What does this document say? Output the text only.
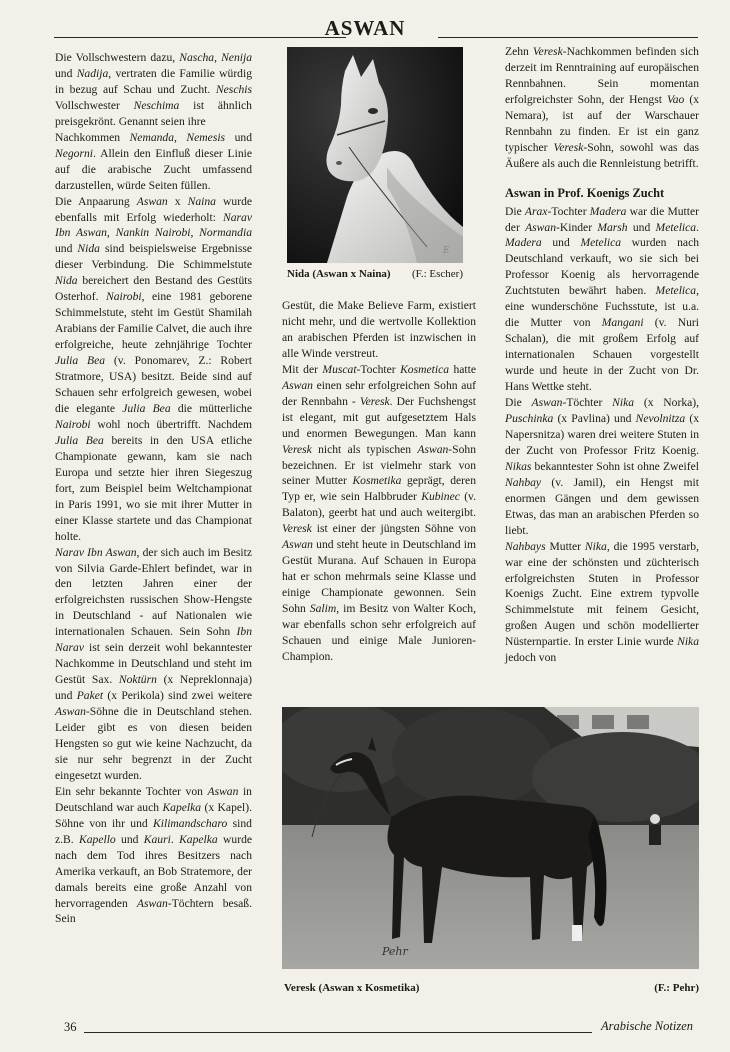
ASWAN

Die Vollschwestern dazu, Nascha, Nenija und Nadija, vertraten die Familie würdig in bezug auf Schau und Zucht. Neschis Vollschwester Neschima ist ähnlich preisgekrönt. Genannt seien ihre
Nachkommen Nemanda, Nemesis und Negorni. Allein den Einfluß dieser Linie auf die arabische Zucht umfassend darzustellen, würde Seiten füllen.

Die Anpaarung Aswan x Naina wurde ebenfalls mit Erfolg wiederholt: Narav Ibn Aswan, Nankin Nairobi, Normandia und Nida sind beispielsweise Ergebnisse dieser Verbindung. Die Schimmelstute Nida bereichert den Bestand des Gestüts Osterhof. Nairobi, eine 1981 geborene Schimmelstute, steht im Gestüt Shamilah Arabians der Familie Calvet, die auch ihre erfolgreiche, heute zehnjährige Tochter Julia Bea (v. Ponomarev, Z.: Robert Stratmore, USA) besitzt. Beide sind auf Schauen sehr erfolgreich gewesen, wobei die elegante Julia Bea die mütterliche Nairobi wohl noch übertrifft. Nachdem Julia Bea bereits in den USA etliche Championate gewann, kam sie nach Europa und setzte hier ihren Siegeszug fort, zum Beispiel beim Weltchampionat in Paris 1991, wo sie mit ihrer Mutter in einer Klasse startete und das Championat holte.

Narav Ibn Aswan, der sich auch im Besitz von Silvia Garde-Ehlert befindet, war in den letzten Jahren einer der erfolgreichsten russischen Show-Hengste in Deutschland - auf Nationalen wie internationalen Schauen. Sein Sohn Ibn Narav ist sein derzeit wohl bekanntester Nachkomme in Deutschland und steht im Gestüt Sax. Noktürn (x Nepreklonnaja) und Paket (x Perikola) sind zwei weitere Aswan-Söhne die in Deutschland stehen. Leider gibt es von diesen beiden Hengsten so gut wie keine Nachzucht, da sie nur sehr begrenzt in der Zucht eingesetzt wurden.

Ein sehr bekannte Tochter von Aswan in Deutschland war auch Kapelka (x Kapel). Söhne von ihr und Kilimandscharo sind z.B. Kapello und Kauri. Kapelka wurde nach dem Tod ihres Besitzers nach Amerika verkauft, an Bob Stratemore, der damals bereits eine große Anzahl von hervorragenden Aswan-Töchtern besaß. Sein

E
Nida (Aswan x Naina) (F.: Escher)

Gestüt, die Make Believe Farm, existiert nicht mehr, und die wertvolle Kollektion an arabischen Pferden ist inzwischen in alle Winde verstreut.

Mit der Muscat-Tochter Kosmetica hatte Aswan einen sehr erfolgreichen Sohn auf der Rennbahn - Veresk. Der Fuchshengst ist elegant, mit gut aufgesetztem Hals und enormen Bewegungen. Man kann Veresk nicht als typischen Aswan-Sohn bezeichnen. Er ist vielmehr stark von seiner Mutter Kosmetika geprägt, deren Typ er, wie sein Halbbruder Kubinec (v. Balaton), geerbt hat und auch weitergibt. Veresk ist einer der jüngsten Söhne von Aswan und steht heute in Deutschland im Gestüt Murana. Auf Schauen in Europa hat er schon mehrmals seine Klasse und einige Championate gewonnen. Sein Sohn Salim, im Besitz von Walter Koch, war ebenfalls schon sehr erfolgreich auf Schauen und einige Male Junioren-Champion.

Zehn Veresk-Nachkommen befinden sich derzeit im Renntraining auf europäischen Rennbahnen. Sein momentan erfolgreichster Sohn, der Hengst Vao (x Nemara), ist auf der Warschauer Rennbahn zu finden. Er ist ein ganz typischer Veresk-Sohn, sowohl was das Äußere als auch die Rennleistung betrifft.

Aswan in Prof. Koenigs Zucht

Die Arax-Tochter Madera war die Mutter der Aswan-Kinder Marsh und Metelica. Madera und Metelica wurden nach Deutschland verkauft, wo sie sich bei Professor Koenig als hervorragende Zuchtstuten bewährt haben. Metelica, eine wunderschöne Fuchsstute, ist u.a. die Mutter von Mangani (v. Nuri Schalan), die mit großem Erfolg auf internationalen Schauen vorgestellt wurde und heute in der Zucht von Dr. Hans Wettke steht.

Die Aswan-Töchter Nika (x Norka), Puschinka (x Pavlina) und Nevolnitza (x Napersnitza) waren drei weitere Stuten in der Zucht von Professor Fritz Koenig. Nikas bekanntester Sohn ist ohne Zweifel Nahbay (v. Jamil), ein Hengst mit enormen Gängen und dem gewissen Etwas, das man an arabischen Pferden so liebt.

Nahbays Mutter Nika, die 1995 verstarb, war eine der schönsten und züchterisch erfolgreichsten Stuten in Professor Koenigs Zucht. Eine extrem typvolle Schimmelstute mit feinem Gesicht, großen Augen und schön modellierter Nüsternpartie. In erster Linie wurde Nika jedoch von

Pehr
Veresk (Aswan x Kosmetika)	(F.: Pehr)
36	Arabische Notizen
